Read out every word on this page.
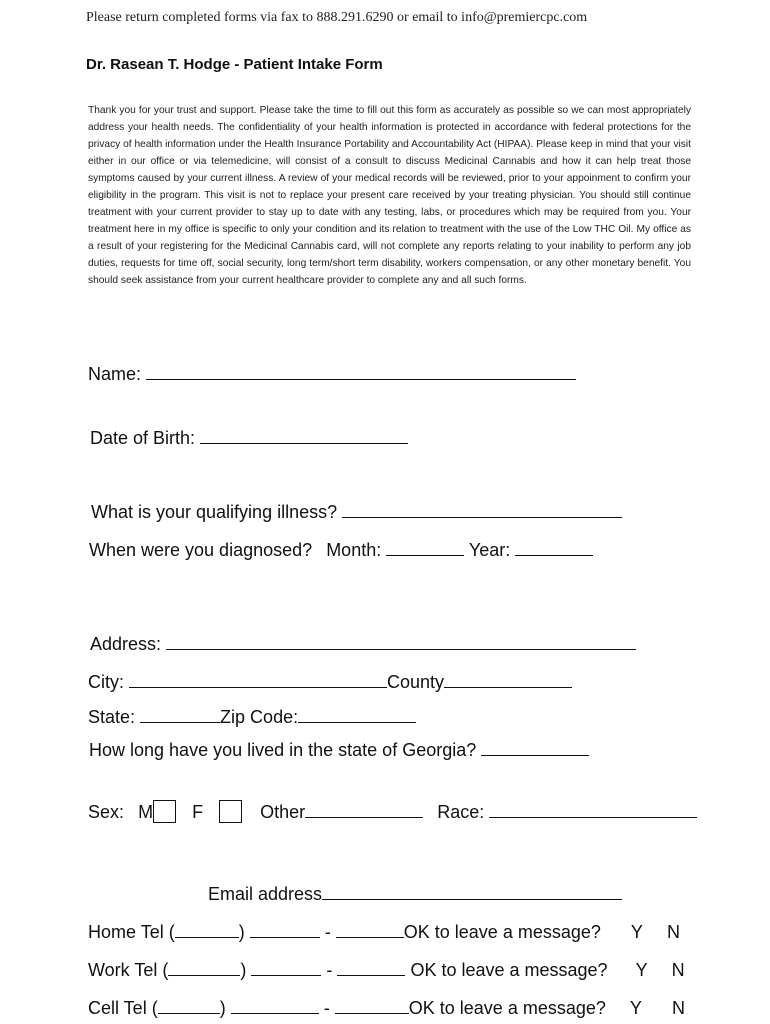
Please return completed forms via fax to 888.291.6290 or email to info@premiercpc.com
Dr. Rasean T. Hodge - Patient Intake Form
Thank you for your trust and support. Please take the time to fill out this form as accurately as possible so we can most appropriately address your health needs. The confidentiality of your health information is protected in accordance with federal protections for the privacy of health information under the Health Insurance Portability and Accountability Act (HIPAA). Please keep in mind that your visit either in our office or via telemedicine, will consist of a consult to discuss Medicinal Cannabis and how it can help treat those symptoms caused by your current illness. A review of your medical records will be reviewed, prior to your appoinment to confirm your eligibility in the program. This visit is not to replace your present care received by your treating physician. You should still continue treatment with your current provider to stay up to date with any testing, labs, or procedures which may be required from you. Your treatment here in my office is specific to only your condition and its relation to treatment with the use of the Low THC Oil. My office as a result of your registering for the Medicinal Cannabis card, will not complete any reports relating to your inability to perform any job duties, requests for time off, social security, long term/short term disability, workers compensation, or any other monetary benefit. You should seek assistance from your current healthcare provider to complete any and all such forms.
Name:
Date of Birth:
What is your qualifying illness?
When were you diagnosed? Month:	Year:
Address:
City:	County
State:	Zip Code:
How long have you lived in the state of Georgia?
Sex: M F	Other	Race:
Email address
Home Tel (	)	-	OK to leave a message? Y N
Work Tel (	)	-	OK to leave a message? Y N
Cell Tel (	)	-	OK to leave a message? Y N
